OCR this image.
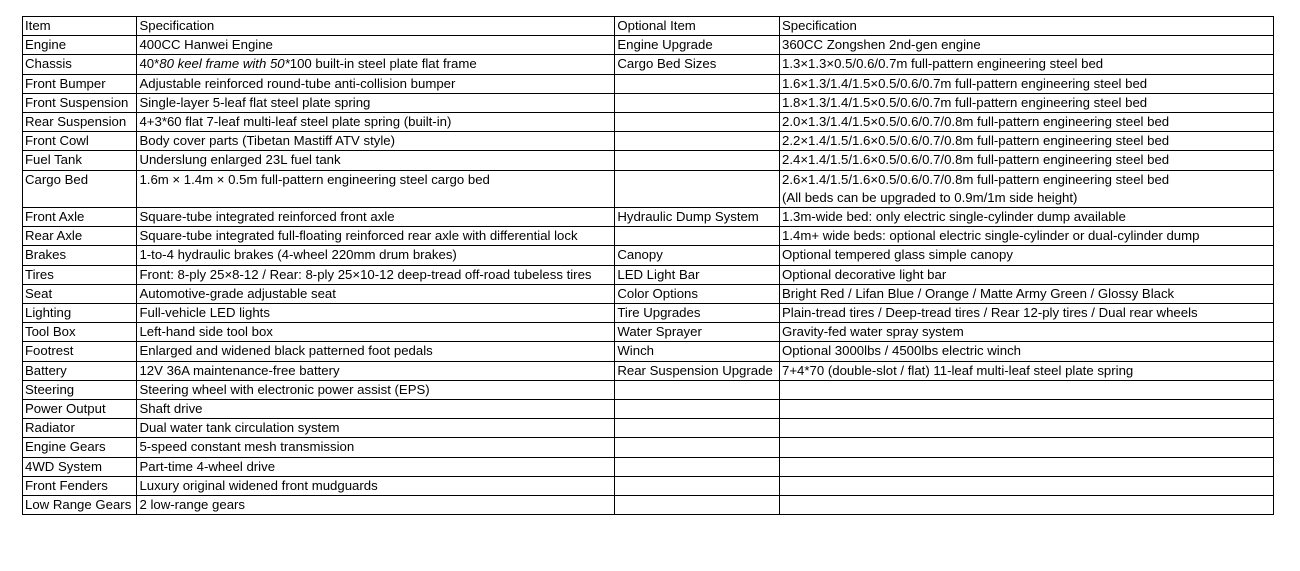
Item	Specification	Optional Item	Specification
Engine	400CC Hanwei Engine	Engine Upgrade	360CC Zongshen 2nd-gen engine

Chassis	40*80 keel frame with 50*100 built-in steel plate flat frame	Cargo Bed Sizes	1.3×1.3×0.5/0.6/0.7m full-pattern engineering steel bed

Front Bumper	Adjustable reinforced round-tube anti-collision bumper		1.6×1.3/1.4/1.5×0.5/0.6/0.7m full-pattern engineering steel bed

Front Suspension	Single-layer 5-leaf flat steel plate spring		1.8×1.3/1.4/1.5×0.5/0.6/0.7m full-pattern engineering steel bed

Rear Suspension	4+3*60 flat 7-leaf multi-leaf steel plate spring (built-in)		2.0×1.3/1.4/1.5×0.5/0.6/0.7/0.8m full-pattern engineering steel bed

Front Cowl	Body cover parts (Tibetan Mastiff ATV style)		2.2×1.4/1.5/1.6×0.5/0.6/0.7/0.8m full-pattern engineering steel bed

Fuel Tank	Underslung enlarged 23L fuel tank		2.4×1.4/1.5/1.6×0.5/0.6/0.7/0.8m full-pattern engineering steel bed

Cargo Bed	1.6m × 1.4m × 0.5m full-pattern engineering steel cargo bed		2.6×1.4/1.5/1.6×0.5/0.6/0.7/0.8m full-pattern engineering steel bed
(All beds can be upgraded to 0.9m/1m side height)

Front Axle	Square-tube integrated reinforced front axle	Hydraulic Dump System	1.3m-wide bed: only electric single-cylinder dump available

Rear Axle	Square-tube integrated full-floating reinforced rear axle with differential lock		1.4m+ wide beds: optional electric single-cylinder or dual-cylinder dump

Brakes	1-to-4 hydraulic brakes (4-wheel 220mm drum brakes)	Canopy	Optional tempered glass simple canopy

Tires	Front: 8-ply 25×8-12 / Rear: 8-ply 25×10-12 deep-tread off-road tubeless tires	LED Light Bar	Optional decorative light bar

Seat	Automotive-grade adjustable seat	Color Options	Bright Red / Lifan Blue / Orange / Matte Army Green / Glossy Black

Lighting	Full-vehicle LED lights	Tire Upgrades	Plain-tread tires / Deep-tread tires / Rear 12-ply tires / Dual rear wheels

Tool Box	Left-hand side tool box	Water Sprayer	Gravity-fed water spray system

Footrest	Enlarged and widened black patterned foot pedals	Winch	Optional 3000lbs / 4500lbs electric winch

Battery	12V 36A maintenance-free battery	Rear Suspension Upgrade	7+4*70 (double-slot / flat) 11-leaf multi-leaf steel plate spring

Steering	Steering wheel with electronic power assist (EPS)		

Power Output	Shaft drive		

Radiator	Dual water tank circulation system		

Engine Gears	5-speed constant mesh transmission		

4WD System	Part-time 4-wheel drive		

Front Fenders	Luxury original widened front mudguards		

Low Range Gears	2 low-range gears		
